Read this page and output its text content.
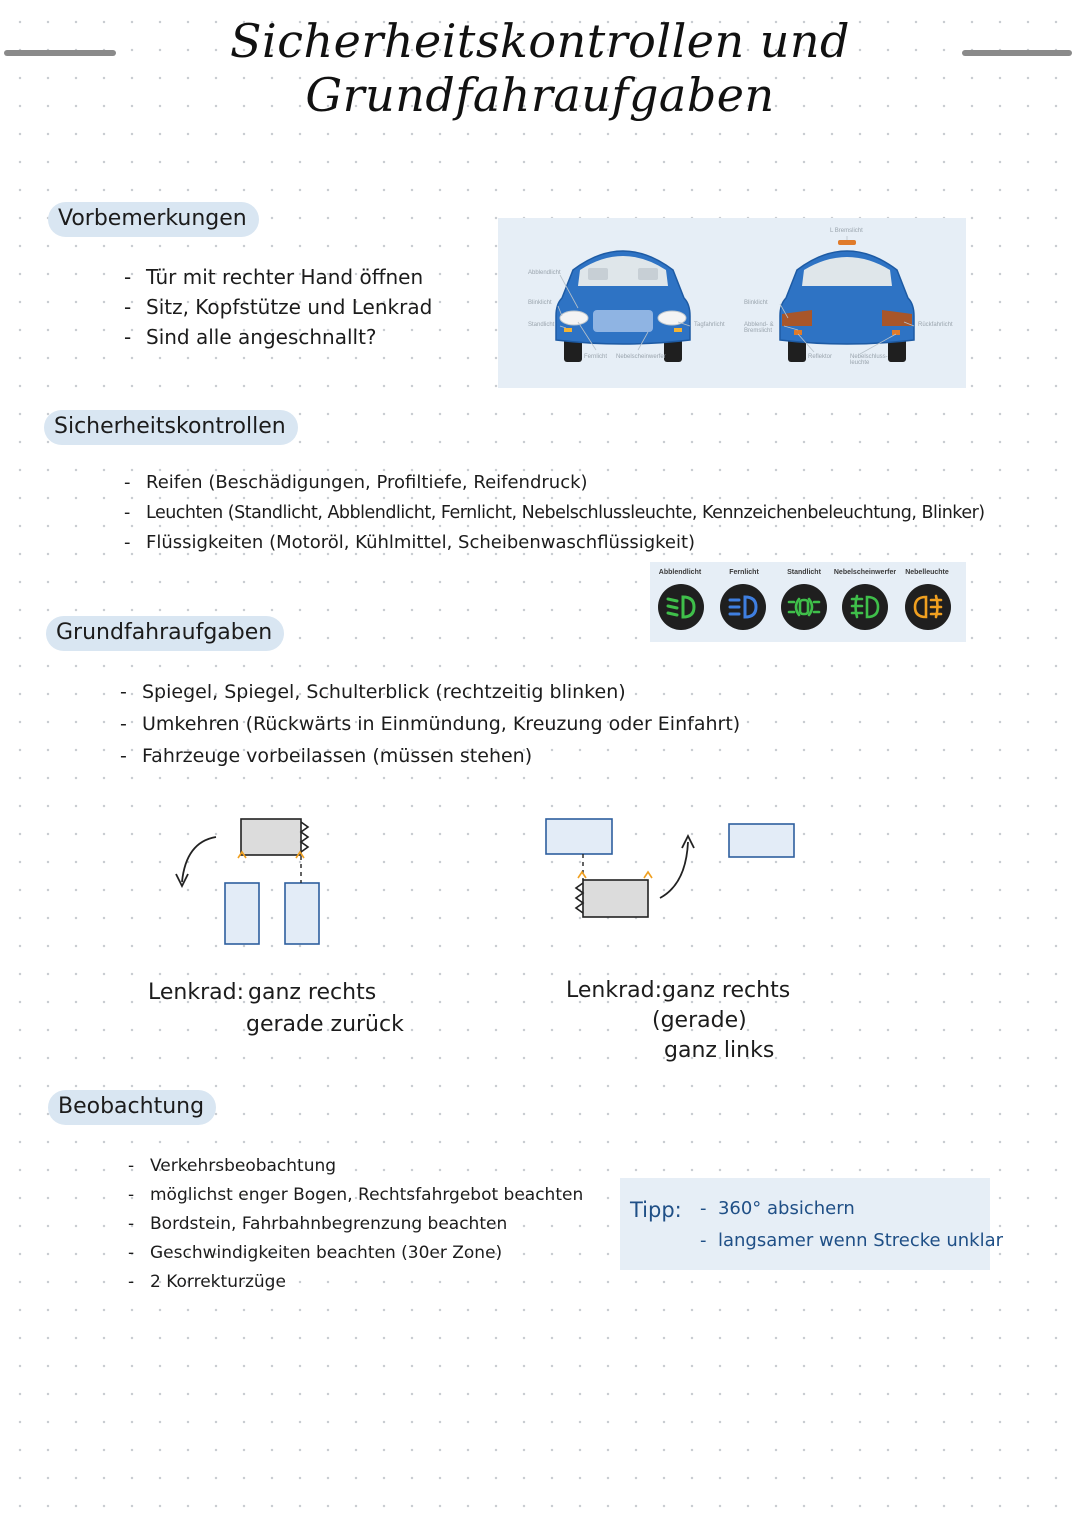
Sicherheitskontrollen und Grundfahraufgaben
Vorbemerkungen
- Tür mit rechter Hand öffnen
- Sitz, Kopfstütze und Lenkrad
- Sind alle angeschnallt?
Abblendlicht
Blinklicht
Standlicht
Fernlicht Nebelscheinwerfer
Tagfahrlicht
L Bremslicht
Blinklicht
Abblend- & Bremslicht
Reflektor	Nebelschluss-leuchte
Rückfahrlicht
Sicherheitskontrollen
- Reifen (Beschädigungen, Profiltiefe, Reifendruck)
- Leuchten (Standlicht, Abblendlicht, Fernlicht, Nebelschlussleuchte, Kennzeichenbeleuchtung, Blinker)
- Flüssigkeiten (Motoröl, Kühlmittel, Scheibenwaschflüssigkeit)
Abblendlicht	Fernlicht	Standlicht	Nebelscheinwerfer	Nebelleuchte
Grundfahraufgaben
- Spiegel, Spiegel, Schulterblick (rechtzeitig blinken)
- Umkehren (Rückwärts in Einmündung, Kreuzung oder Einfahrt)
- Fahrzeuge vorbeilassen (müssen stehen)
Lenkrad: ganz rechts
gerade zurück
Lenkrad: ganz rechts
(gerade)
ganz links
Beobachtung
- Verkehrsbeobachtung
- möglichst enger Bogen, Rechtsfahrgebot beachten
- Bordstein, Fahrbahnbegrenzung beachten
- Geschwindigkeiten beachten (30er Zone)
- 2 Korrekturzüge
Tipp: -  360° absichern
-  langsamer wenn Strecke unklar
